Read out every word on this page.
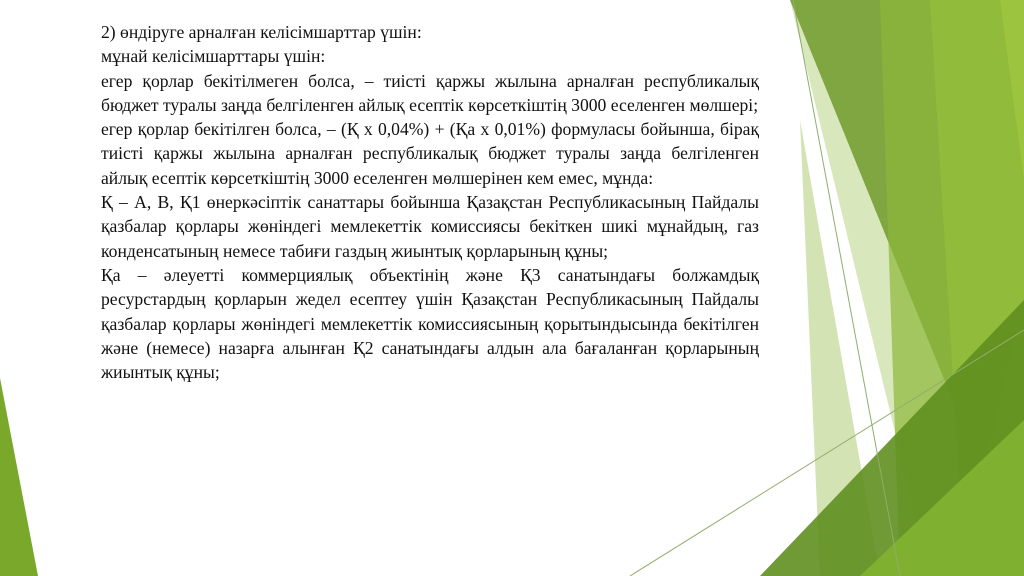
2) өндіруге арналған келісімшарттар үшін:

мұнай келісімшарттары үшін:

егер қорлар бекітілмеген болса, – тиісті қаржы жылына арналған республикалық бюджет туралы заңда белгіленген айлық есептік көрсеткіштің 3000 еселенген мөлшері;

егер қорлар бекітілген болса, – (Қ х 0,04%) + (Қа х 0,01%) формуласы бойынша, бірақ тиісті қаржы жылына арналған республикалық бюджет туралы заңда белгіленген айлық есептік көрсеткіштің 3000 еселенген мөлшерінен кем емес, мұнда:

Қ – А, В, Қ1 өнеркәсіптік санаттары бойынша Қазақстан Республикасының Пайдалы қазбалар қорлары жөніндегі мемлекеттік комиссиясы бекіткен шикі мұнайдың, газ конденсатының немесе табиғи газдың жиынтық қорларының құны;

Қа – әлеуетті коммерциялық объектінің және Қ3 санатындағы болжамдық ресурстардың қорларын жедел есептеу үшін Қазақстан Республикасының Пайдалы қазбалар қорлары жөніндегі мемлекеттік комиссиясының қорытындысында бекітілген және (немесе) назарға алынған Қ2 санатындағы алдын ала бағаланған қорларының жиынтық құны;
